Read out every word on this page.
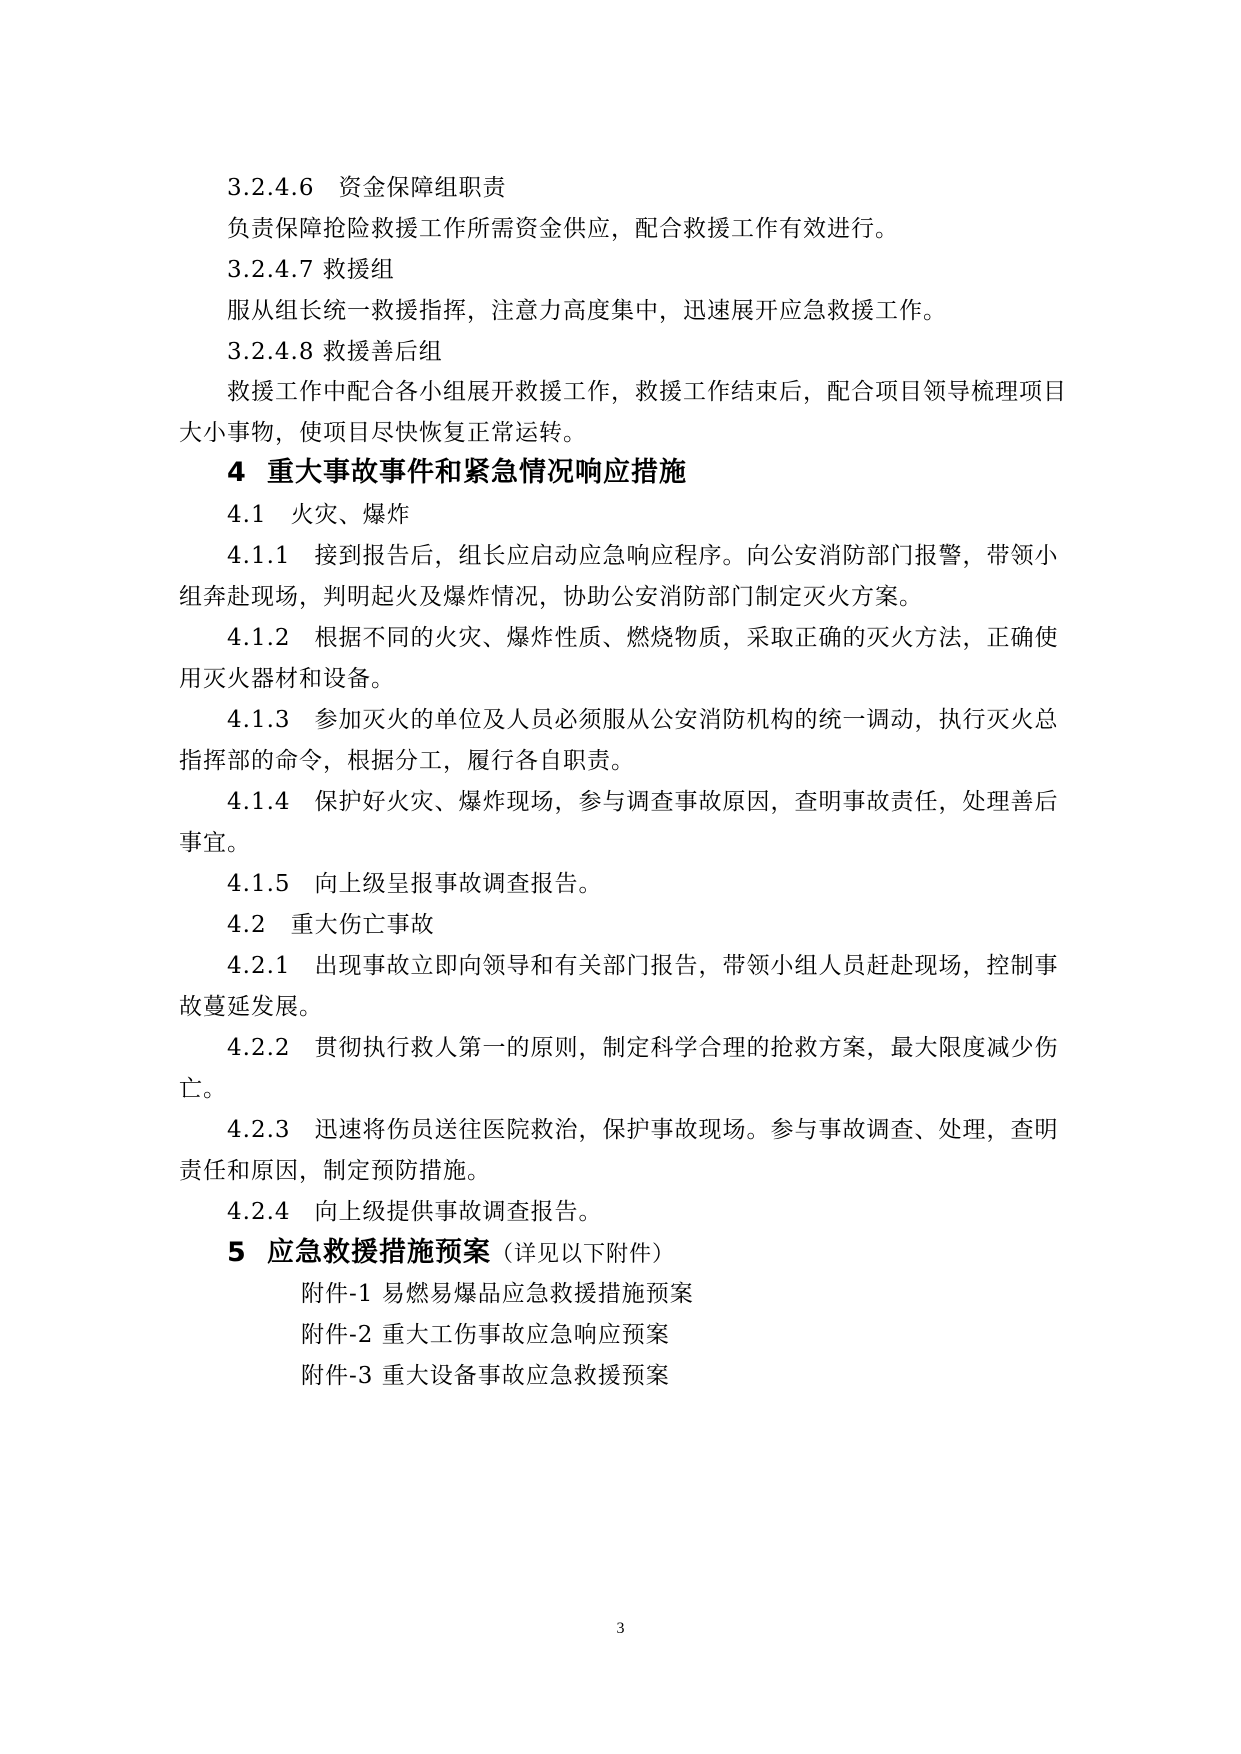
3.2.4.6　资金保障组职责
负责保障抢险救援工作所需资金供应，配合救援工作有效进行。
3.2.4.7 救援组
服从组长统一救援指挥，注意力高度集中，迅速展开应急救援工作。
3.2.4.8 救援善后组
救援工作中配合各小组展开救援工作，救援工作结束后，配合项目领导梳理项目
大小事物，使项目尽快恢复正常运转。
4 重大事故事件和紧急情况响应措施
4.1　火灾、爆炸
4.1.1　接到报告后，组长应启动应急响应程序。向公安消防部门报警，带领小
组奔赴现场，判明起火及爆炸情况，协助公安消防部门制定灭火方案。
4.1.2　根据不同的火灾、爆炸性质、燃烧物质，采取正确的灭火方法，正确使
用灭火器材和设备。
4.1.3　参加灭火的单位及人员必须服从公安消防机构的统一调动，执行灭火总
指挥部的命令，根据分工，履行各自职责。
4.1.4　保护好火灾、爆炸现场，参与调查事故原因，查明事故责任，处理善后
事宜。
4.1.5　向上级呈报事故调查报告。
4.2　重大伤亡事故
4.2.1　出现事故立即向领导和有关部门报告，带领小组人员赶赴现场，控制事
故蔓延发展。
4.2.2　贯彻执行救人第一的原则，制定科学合理的抢救方案，最大限度减少伤
亡。
4.2.3　迅速将伤员送往医院救治，保护事故现场。参与事故调查、处理，查明
责任和原因，制定预防措施。
4.2.4　向上级提供事故调查报告。
5 应急救援措施预案（详见以下附件）
附件-1 易燃易爆品应急救援措施预案
附件-2 重大工伤事故应急响应预案
附件-3 重大设备事故应急救援预案
3
